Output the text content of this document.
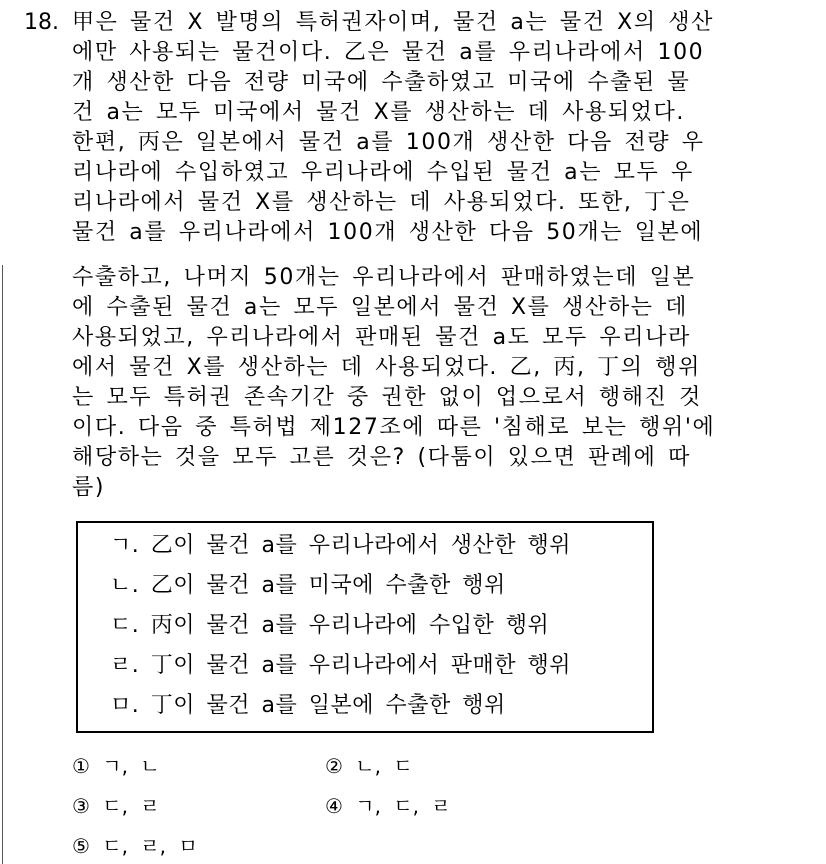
18. 甲은 물건 X 발명의 특허권자이며, 물건 a는 물건 X의 생산
에만 사용되는 물건이다. 乙은 물건 a를 우리나라에서 100
개 생산한 다음 전량 미국에 수출하였고 미국에 수출된 물
건 a는 모두 미국에서 물건 X를 생산하는 데 사용되었다.
한편, 丙은 일본에서 물건 a를 100개 생산한 다음 전량 우
리나라에 수입하였고 우리나라에 수입된 물건 a는 모두 우
리나라에서 물건 X를 생산하는 데 사용되었다. 또한, 丁은
물건 a를 우리나라에서 100개 생산한 다음 50개는 일본에
수출하고, 나머지 50개는 우리나라에서 판매하였는데 일본
에 수출된 물건 a는 모두 일본에서 물건 X를 생산하는 데
사용되었고, 우리나라에서 판매된 물건 a도 모두 우리나라
에서 물건 X를 생산하는 데 사용되었다. 乙, 丙, 丁의 행위
는 모두 특허권 존속기간 중 권한 없이 업으로서 행해진 것
이다. 다음 중 특허법 제127조에 따른 '침해로 보는 행위'에
해당하는 것을 모두 고른 것은? (다툼이 있으면 판례에 따
름)
ㄱ. 乙이 물건 a를 우리나라에서 생산한 행위
ㄴ. 乙이 물건 a를 미국에 수출한 행위
ㄷ. 丙이 물건 a를 우리나라에 수입한 행위
ㄹ. 丁이 물건 a를 우리나라에서 판매한 행위
ㅁ. 丁이 물건 a를 일본에 수출한 행위
① ㄱ, ㄴ	② ㄴ, ㄷ
③ ㄷ, ㄹ	④ ㄱ, ㄷ, ㄹ
⑤ ㄷ, ㄹ, ㅁ
